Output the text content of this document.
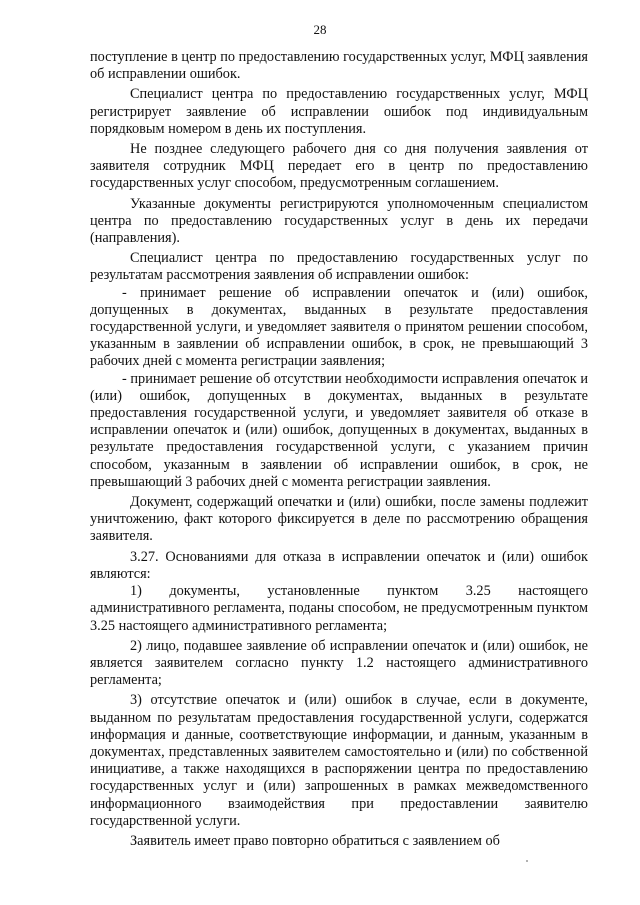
28

поступление в центр по предоставлению государственных услуг, МФЦ заявления об исправлении ошибок.

Специалист центра по предоставлению государственных услуг, МФЦ регистрирует заявление об исправлении ошибок под индивидуальным порядковым номером в день их поступления.

Не позднее следующего рабочего дня со дня получения заявления от заявителя сотрудник МФЦ передает его в центр по предоставлению государственных услуг способом, предусмотренным соглашением.

Указанные документы регистрируются уполномоченным специалистом центра по предоставлению государственных услуг в день их передачи (направления).

Специалист центра по предоставлению государственных услуг по результатам рассмотрения заявления об исправлении ошибок:

- принимает решение об исправлении опечаток и (или) ошибок, допущенных в документах, выданных в результате предоставления государственной услуги, и уведомляет заявителя о принятом решении способом, указанным в заявлении об исправлении ошибок, в срок, не превышающий 3 рабочих дней с момента регистрации заявления;

- принимает решение об отсутствии необходимости исправления опечаток и (или) ошибок, допущенных в документах, выданных в результате предоставления государственной услуги, и уведомляет заявителя об отказе в исправлении опечаток и (или) ошибок, допущенных в документах, выданных в результате предоставления государственной услуги, с указанием причин способом, указанным в заявлении об исправлении ошибок, в срок, не превышающий 3 рабочих дней с момента регистрации заявления.

Документ, содержащий опечатки и (или) ошибки, после замены подлежит уничтожению, факт которого фиксируется в деле по рассмотрению обращения заявителя.

3.27. Основаниями для отказа в исправлении опечаток и (или) ошибок являются:

1) документы, установленные пунктом 3.25 настоящего административного регламента, поданы способом, не предусмотренным пунктом 3.25 настоящего административного регламента;

2) лицо, подавшее заявление об исправлении опечаток и (или) ошибок, не является заявителем согласно пункту 1.2 настоящего административного регламента;

3) отсутствие опечаток и (или) ошибок в случае, если в документе, выданном по результатам предоставления государственной услуги, содержатся информация и данные, соответствующие информации, и данным, указанным в документах, представленных заявителем самостоятельно и (или) по собственной инициативе, а также находящихся в распоряжении центра по предоставлению государственных услуг и (или) запрошенных в рамках межведомственного информационного взаимодействия при предоставлении заявителю государственной услуги.

Заявитель имеет право повторно обратиться с заявлением об
